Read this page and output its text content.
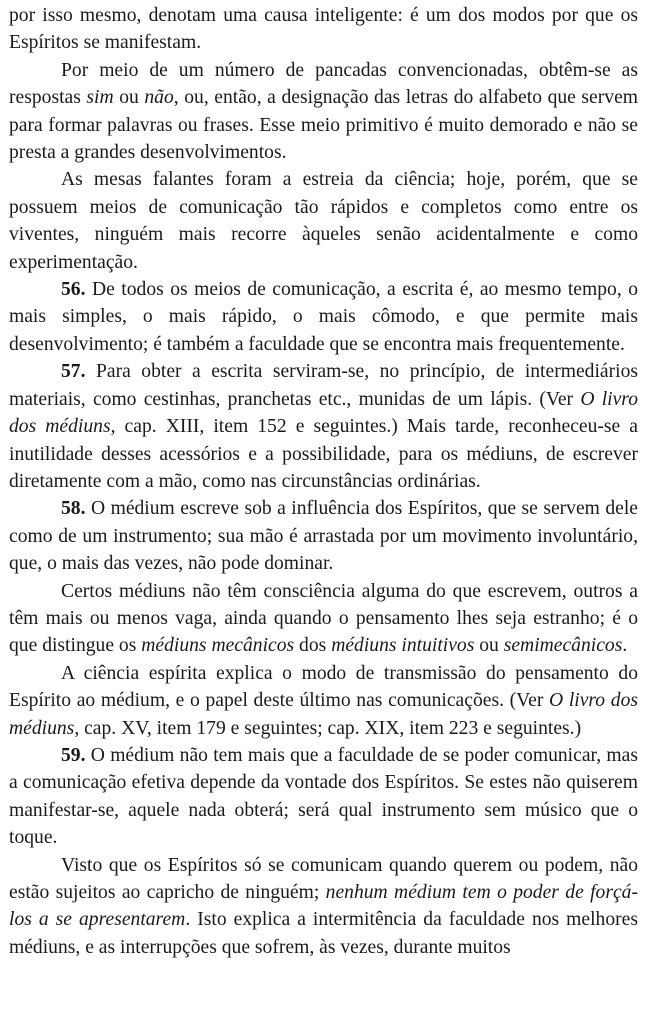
por isso mesmo, denotam uma causa inteligente: é um dos modos por que os Espíritos se manifestam.

Por meio de um número de pancadas convencionadas, obtêm-se as respostas sim ou não, ou, então, a designação das letras do alfabeto que servem para formar palavras ou frases. Esse meio primitivo é muito demorado e não se presta a grandes desenvolvimentos.

As mesas falantes foram a estreia da ciência; hoje, porém, que se possuem meios de comunicação tão rápidos e completos como entre os viventes, ninguém mais recorre àqueles senão acidentalmente e como experimentação.

56. De todos os meios de comunicação, a escrita é, ao mesmo tempo, o mais simples, o mais rápido, o mais cômodo, e que permite mais desenvolvimento; é também a faculdade que se encontra mais frequentemente.

57. Para obter a escrita serviram-se, no princípio, de intermediários materiais, como cestinhas, pranchetas etc., munidas de um lápis. (Ver O livro dos médiuns, cap. XIII, item 152 e seguintes.) Mais tarde, reconheceu-se a inutilidade desses acessórios e a possibilidade, para os médiuns, de escrever diretamente com a mão, como nas circunstâncias ordinárias.

58. O médium escreve sob a influência dos Espíritos, que se servem dele como de um instrumento; sua mão é arrastada por um movimento involuntário, que, o mais das vezes, não pode dominar.

Certos médiuns não têm consciência alguma do que escrevem, outros a têm mais ou menos vaga, ainda quando o pensamento lhes seja estranho; é o que distingue os médiuns mecânicos dos médiuns intuitivos ou semimecânicos.

A ciência espírita explica o modo de transmissão do pensamento do Espírito ao médium, e o papel deste último nas comunicações. (Ver O livro dos médiuns, cap. XV, item 179 e seguintes; cap. XIX, item 223 e seguintes.)

59. O médium não tem mais que a faculdade de se poder comunicar, mas a comunicação efetiva depende da vontade dos Espíritos. Se estes não quiserem manifestar-se, aquele nada obterá; será qual instrumento sem músico que o toque.

Visto que os Espíritos só se comunicam quando querem ou podem, não estão sujeitos ao capricho de ninguém; nenhum médium tem o poder de forçá-los a se apresentarem. Isto explica a intermitência da faculdade nos melhores médiuns, e as interrupções que sofrem, às vezes, durante muitos
